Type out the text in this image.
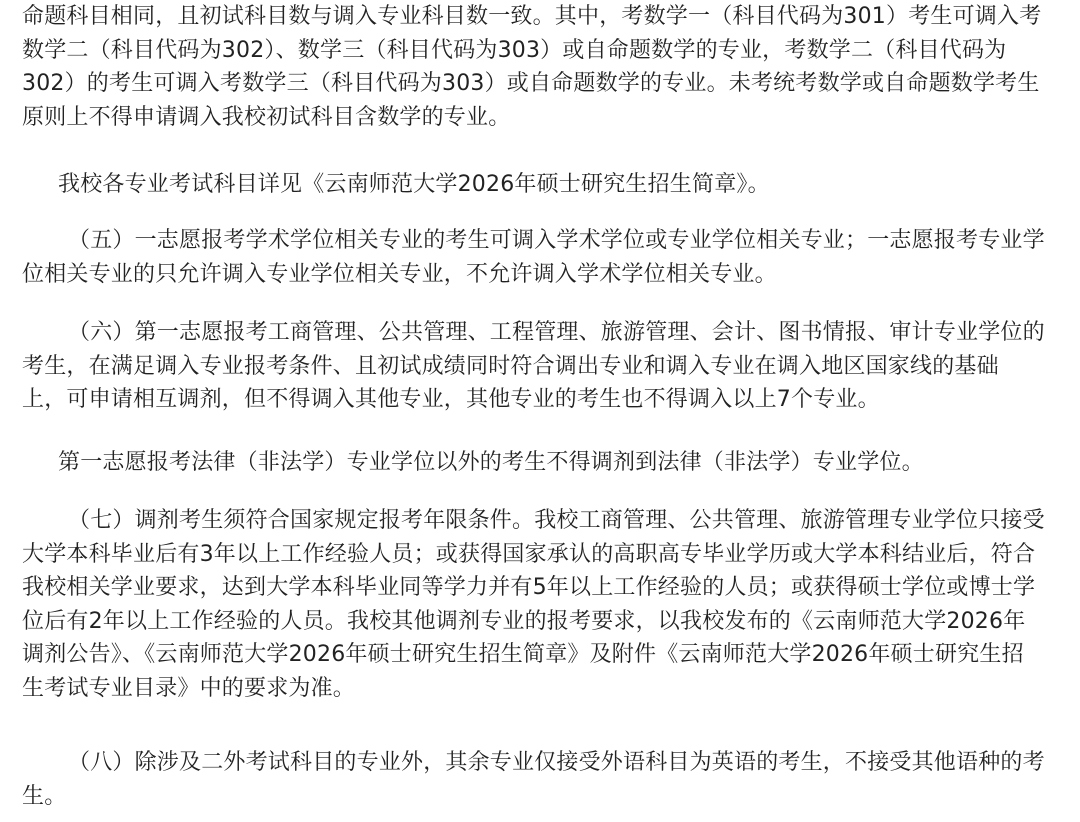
命题科目相同，且初试科目数与调入专业科目数一致。其中，考数学一（科目代码为301）考生可调入考
数学二（科目代码为302）、数学三（科目代码为303）或自命题数学的专业，考数学二（科目代码为
302）的考生可调入考数学三（科目代码为303）或自命题数学的专业。未考统考数学或自命题数学考生
原则上不得申请调入我校初试科目含数学的专业。

我校各专业考试科目详见《云南师范大学2026年硕士研究生招生简章》。

（五）一志愿报考学术学位相关专业的考生可调入学术学位或专业学位相关专业；一志愿报考专业学
位相关专业的只允许调入专业学位相关专业，不允许调入学术学位相关专业。

（六）第一志愿报考工商管理、公共管理、工程管理、旅游管理、会计、图书情报、审计专业学位的
考生，在满足调入专业报考条件、且初试成绩同时符合调出专业和调入专业在调入地区国家线的基础
上，可申请相互调剂，但不得调入其他专业，其他专业的考生也不得调入以上7个专业。

第一志愿报考法律（非法学）专业学位以外的考生不得调剂到法律（非法学）专业学位。

（七）调剂考生须符合国家规定报考年限条件。我校工商管理、公共管理、旅游管理专业学位只接受
大学本科毕业后有3年以上工作经验人员；或获得国家承认的高职高专毕业学历或大学本科结业后，符合
我校相关学业要求，达到大学本科毕业同等学力并有5年以上工作经验的人员；或获得硕士学位或博士学
位后有2年以上工作经验的人员。我校其他调剂专业的报考要求，以我校发布的《云南师范大学2026年
调剂公告》、《云南师范大学2026年硕士研究生招生简章》及附件《云南师范大学2026年硕士研究生招
生考试专业目录》中的要求为准。

（八）除涉及二外考试科目的专业外，其余专业仅接受外语科目为英语的考生，不接受其他语种的考
生。
